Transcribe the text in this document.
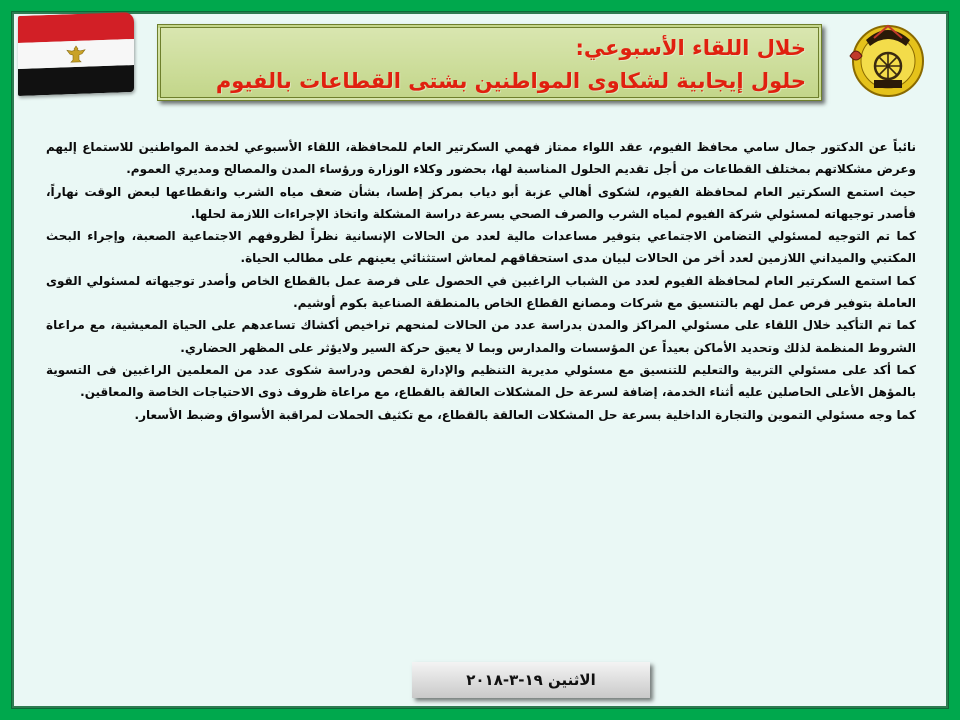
خلال اللقاء الأسبوعي:
حلول إيجابية لشكاوى المواطنين بشتى القطاعات بالفيوم

نائباً عن الدكتور جمال سامي محافظ الفيوم، عقد اللواء ممتاز فهمي السكرتير العام للمحافظة، اللقاء الأسبوعي لخدمة المواطنين للاستماع إليهم وعرض مشكلاتهم بمختلف القطاعات من أجل تقديم الحلول المناسبة لها، بحضور وكلاء الوزارة ورؤساء المدن والمصالح ومديري العموم.

حيث استمع السكرتير العام لمحافظة الفيوم، لشكوى أهالي عزبة أبو دياب بمركز إطسا، بشأن ضعف مياه الشرب وانقطاعها لبعض الوقت نهاراً، فأصدر توجيهاته لمسئولي شركة الفيوم لمياه الشرب والصرف الصحي بسرعة دراسة المشكلة واتخاذ الإجراءات اللازمة لحلها.

كما تم التوجيه لمسئولي التضامن الاجتماعي بتوفير مساعدات مالية لعدد من الحالات الإنسانية نظراً لظروفهم الاجتماعية الصعبة، وإجراء البحث المكتبي والميداني اللازمين لعدد أخر من الحالات لبيان مدى استحقاقهم لمعاش استثنائي يعينهم على مطالب الحياة.

كما استمع السكرتير العام لمحافظة الفيوم لعدد من الشباب الراغبين في الحصول على فرصة عمل بالقطاع الخاص وأصدر توجيهاته لمسئولي القوى العاملة بتوفير فرص عمل لهم بالتنسيق مع شركات ومصانع القطاع الخاص بالمنطقة الصناعية بكوم أوشيم.

كما تم التأكيد خلال اللقاء على مسئولي المراكز والمدن بدراسة عدد من الحالات لمنحهم تراخيص أكشاك تساعدهم على الحياة المعيشية، مع مراعاة الشروط المنظمة لذلك وتحديد الأماكن بعيداً عن المؤسسات والمدارس وبما لا يعيق حركة السير ولايؤثر على المظهر الحضاري.

كما أكد على مسئولي التربية والتعليم للتنسيق مع مسئولي مديرية التنظيم والإدارة لفحص ودراسة شكوى عدد من المعلمين الراغبين فى التسوية بالمؤهل الأعلى الحاصلين عليه أثناء الخدمة، إضافة لسرعة حل المشكلات العالقة بالقطاع، مع مراعاة ظروف ذوى الاحتياجات الخاصة والمعاقين.

كما وجه مسئولي التموين والتجارة الداخلية بسرعة حل المشكلات العالقة بالقطاع، مع تكثيف الحملات لمراقبة الأسواق وضبط الأسعار.

الاثنين ١٩-٣-٢٠١٨
